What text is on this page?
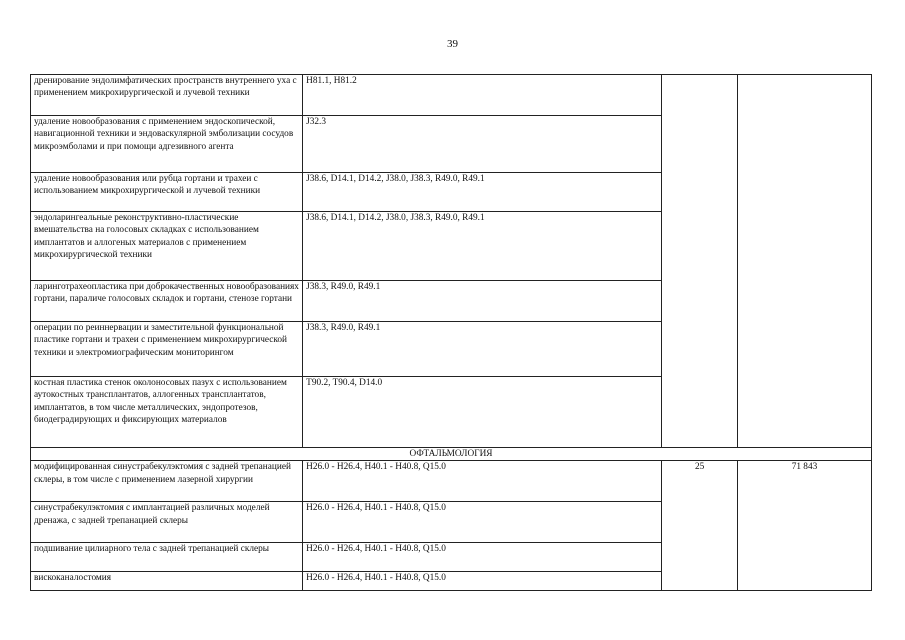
39
дренирование эндолимфатических пространств внутреннего уха с применением микрохирургической и лучевой техники	H81.1, H81.2		

удаление новообразования с применением эндоскопической, навигационной техники и эндоваскулярной эмболизации сосудов микроэмболами и при помощи адгезивного агента	J32.3		

удаление новообразования или рубца гортани и трахеи с использованием микрохирургической и лучевой техники	J38.6, D14.1, D14.2, J38.0, J38.3, R49.0, R49.1		

эндоларингеальные реконструктивно-пластические вмешательства на голосовых складках с использованием имплантатов и аллогеных материалов с применением микрохирургической техники	J38.6, D14.1, D14.2, J38.0, J38.3, R49.0, R49.1		

ларинготрахеопластика при доброкачественных новообразованиях гортани, параличе голосовых складок и гортани, стенозе гортани	J38.3, R49.0, R49.1		

операции по реиннервации и заместительной функциональной пластике гортани и трахеи с применением микрохирургической техники и электромиографическим мониторингом	J38.3, R49.0, R49.1		

костная пластика стенок околоносовых пазух с использованием аутокостных трансплантатов, аллогенных трансплантатов, имплантатов, в том числе металлических, эндопротезов, биодеградирующих и фиксирующих материалов	T90.2, T90.4, D14.0		

ОФТАЛЬМОЛОГИЯ			

модифицированная синустрабекулэктомия с задней трепанацией склеры, в том числе с применением лазерной хирургии	H26.0 - H26.4, H40.1 - H40.8, Q15.0	25	71 843

синустрабекулэктомия с имплантацией различных моделей дренажа, с задней трепанацией склеры	H26.0 - H26.4, H40.1 - H40.8, Q15.0		

подшивание цилиарного тела с задней трепанацией склеры	H26.0 - H26.4, H40.1 - H40.8, Q15.0		

вискоканалостомия	H26.0 - H26.4, H40.1 - H40.8, Q15.0		
